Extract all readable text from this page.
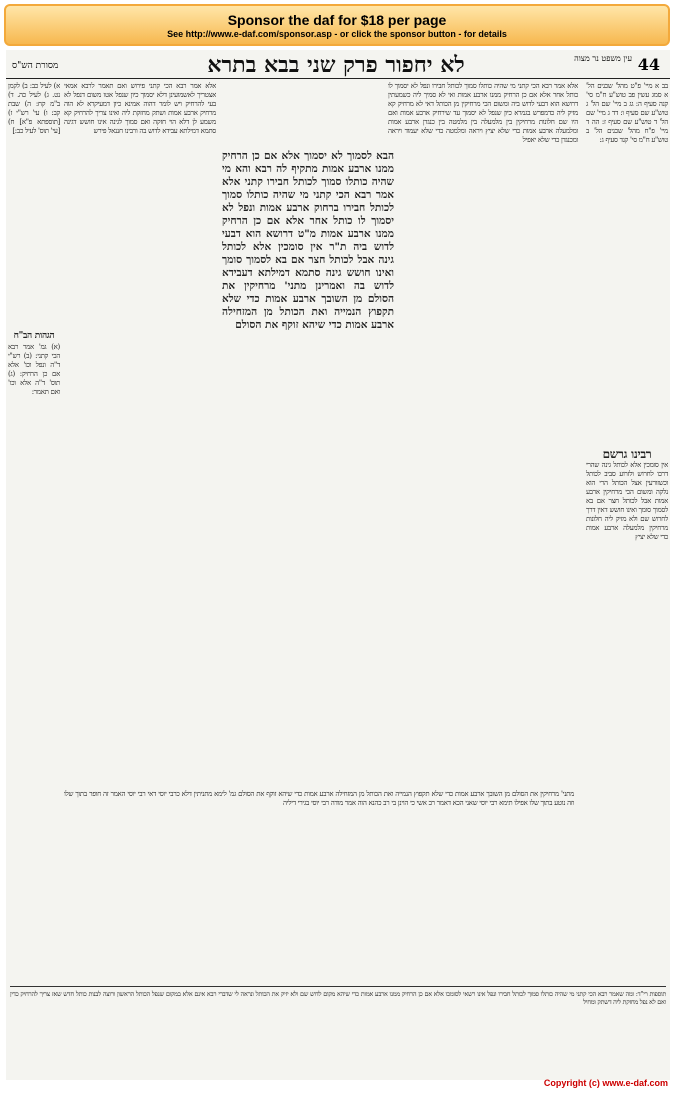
Sponsor the daf for $18 per page
See http://www.e-daf.com/sponsor.asp - or click the sponsor button - for details
מסורת הש"ס	לא יחפור פרק שני בבא בתרא	עין משפט נר מצוה 44

בב א מיי' פ"ט מהל' שכנים הל' א סמג עשין פב טוש"ע ח"מ סי' קנה סעיף ה: גג ב מיי' שם הל' ג טוש"ע שם סעיף ו: דד ג מיי' שם הל' ד טוש"ע שם סעיף ז: הה ד מיי' פ"ח מהל' שכנים הל' ב טוש"ע ח"מ סי' קנד סעיף ג:

רבינו גרשם

אין סומכין אלא לכותל גינה שהרי דרכו לחרוש ולזרוע סביב לכותל וכשזורעין אצל הכותל הרי הוא נלקה ומשום הכי מרחיקין ארבע אמות אבל לכותל חצר אם בא לסמוך סומך ואינו חושש דאין דרך לחרוש שם ולא מזיק ליה חלונות מרחיקין מלמעלה ארבע אמות כדי שלא יציץ

אלא אמר רבא הכי קתני מי שהיה כותלו סמוך לכותל חבירו ונפל לא יסמוך לו כותל אחר אלא אם כן הרחיק ממנו ארבע אמות ואי לא סמיך ליה כשמעתין דרושא הוא דבעי לדוש ביה ומשום הכי מרחיקין מן הכותל דאי לא מרחיק קא מזיק ליה כדמפרש בגמרא כיון שנפל לא יסמוך עד שירחיק ארבע אמות ואם היו שם חלונות מרחיקין בין מלמעלה בין מלמטה בין כנגדן ארבע אמות ומלמעלה ארבע אמות כדי שלא יציץ ויראה ומלמטה כדי שלא יעמוד ויראה ומכנגדן כדי שלא יאפיל

הבא לסמוך לא יסמוך אלא אם כן הרחיק ממנו ארבע אמות מתקיף לה רבא והא מי שהיה כותלו סמוך לכותל חבירו קתני אלא אמר רבא הכי קתני מי שהיה כותלו סמוך לכותל חבירו ברחוק ארבע אמות ונפל לא יסמוך לו כותל אחר אלא אם כן הרחיק ממנו ארבע אמות מ"ט דרושא הוא דבעי לדוש ביה ת"ר אין סומכין אלא לכותל גינה אבל לכותל חצר אם בא לסמוך סומך ואינו חושש גינה סתמא דמילתא דעבידא לדוש בה ואמרינן מתני' מרחיקין את הסולם מן השובך ארבע אמות כדי שלא תקפוץ הנמייה ואת הכותל מן המזחילה ארבע אמות כדי שיהא זוקף את הסולם

אלא אמר רבא הכי קתני פירוש ואם תאמר לרבא אמאי אצטריך לאשמועינן דלא יסמוך כיון שנפל אטו משום דנפל לא בעי להרחיק ויש לומר דהוה אמינא כיון דמעיקרא לא הוה מרחיק ארבע אמות ושתק מחזקת ליה ואינו צריך להרחיק קא משמע לן דלא הוי חזקה ואם סמוך לגינה אינו חושש דגינה סתמא דמילתא עבידא לדוש בה ורבינו חננאל פירש

א) לעיל כב: ב) לקמן נט. ג) לעיל כה. ד) ב"מ קח: ה) שבת קב: ו) עי' רש"י ז) [תוספתא פ"א] ח) [עי' תוס' לעיל כב:]

הגהות הב"ח

(א) גמ' אמר רבא הכי קתני: (ב) רש"י ד"ה ונפל וכו' אלא אם כן הרחיק: (ג) תוס' ד"ה אלא וכו' ואם תאמר:

מתני' מרחיקין את הסולם מן השובך ארבע אמות כדי שלא תקפוץ הנמייה ואת הכותל מן המזחילה ארבע אמות כדי שיהא זוקף את הסולם גמ' לימא מתניתין דלא כרבי יוסי דאי רבי יוסי האמר זה חופר בתוך שלו וזה נוטע בתוך שלו אפילו תימא רבי יוסי שאני הכא דאמר רב אשי כי הוינן בי רב כהנא הוה אמר מודה רבי יוסי בגירי דיליה

תוספות רי"ד: ומה שאמר רבא הכי קתני מי שהיה כותלו סמוך לכותל חבירו ונפל אינו רשאי לסומכו אלא אם כן הרחיק ממנו ארבע אמות כדי שיהא מקום לדוש שם ולא יזיק את הכותל ונראה לי שדברי רבא אינם אלא במקום שנפל הכותל הראשון ורוצה לבנות כותל חדש שאז צריך להרחיק כדין ואם לא נפל מחזקת ליה דשתק ומחיל

Copyright (c) www.e-daf.com
